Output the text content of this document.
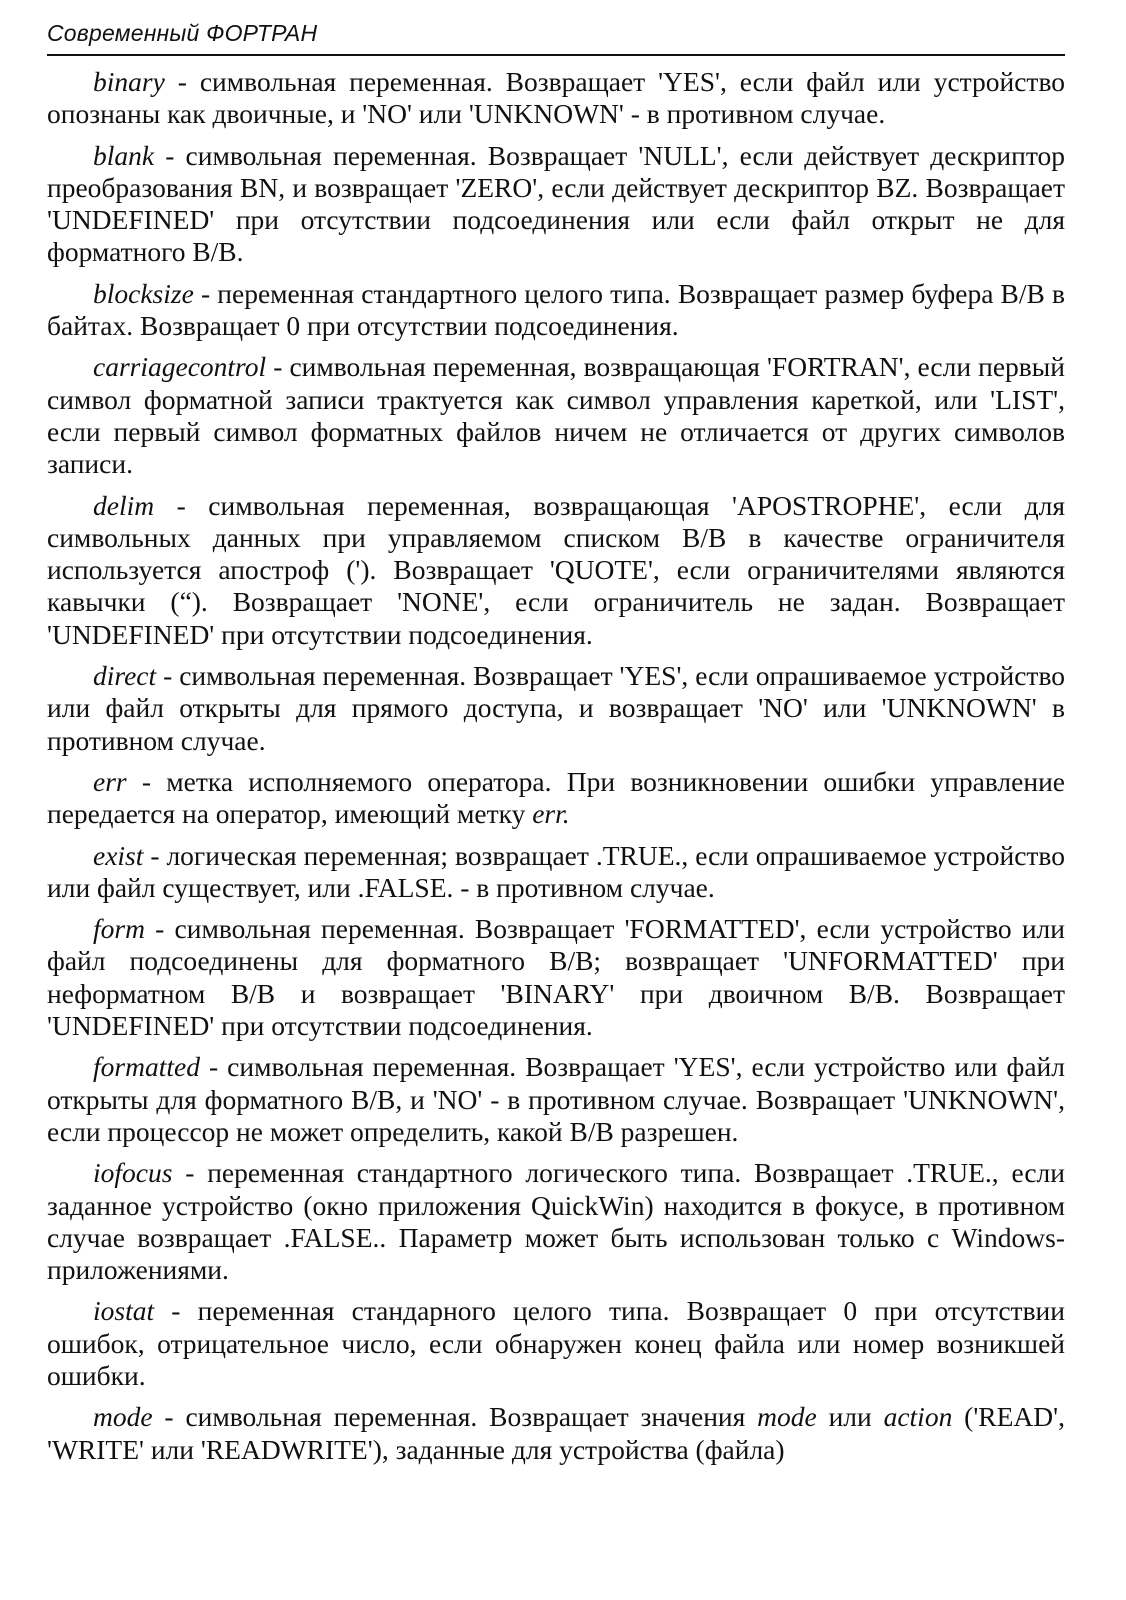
Современный ФОРТРАН

binary - символьная переменная. Возвращает 'YES', если файл или устройство опознаны как двоичные, и 'NO' или 'UNKNOWN' - в противном случае.

blank - символьная переменная. Возвращает 'NULL', если действует дескриптор преобразования BN, и возвращает 'ZERO', если действует дескриптор BZ. Возвращает 'UNDEFINED' при отсутствии подсоединения или если файл открыт не для форматного B/B.

blocksize - переменная стандартного целого типа. Возвращает размер буфера B/B в байтах. Возвращает 0 при отсутствии подсоединения.

carriagecontrol - символьная переменная, возвращающая 'FORTRAN', если первый символ форматной записи трактуется как символ управления кареткой, или 'LIST', если первый символ форматных файлов ничем не отличается от других символов записи.

delim - символьная переменная, возвращающая 'APOSTROPHE', если для символьных данных при управляемом списком B/B в качестве ограничителя используется апостроф ('). Возвращает 'QUOTE', если ограничителями являются кавычки (“). Возвращает 'NONE', если ограничитель не задан. Возвращает 'UNDEFINED' при отсутствии подсоединения.

direct - символьная переменная. Возвращает 'YES', если опрашиваемое устройство или файл открыты для прямого доступа, и возвращает 'NO' или 'UNKNOWN' в противном случае.

err - метка исполняемого оператора. При возникновении ошибки управление передается на оператор, имеющий метку err.

exist - логическая переменная; возвращает .TRUE., если опрашиваемое устройство или файл существует, или .FALSE. - в противном случае.

form - символьная переменная. Возвращает 'FORMATTED', если устройство или файл подсоединены для форматного B/B; возвращает 'UNFORMATTED' при неформатном B/B и возвращает 'BINARY' при двоичном B/B. Возвращает 'UNDEFINED' при отсутствии подсоединения.

formatted - символьная переменная. Возвращает 'YES', если устройство или файл открыты для форматного B/B, и 'NO' - в противном случае. Возвращает 'UNKNOWN', если процессор не может определить, какой B/B разрешен.

iofocus - переменная стандартного логического типа. Возвращает .TRUE., если заданное устройство (окно приложения QuickWin) находится в фокусе, в противном случае возвращает .FALSE.. Параметр может быть использован только с Windows-приложениями.

iostat - переменная стандарного целого типа. Возвращает 0 при отсутствии ошибок, отрицательное число, если обнаружен конец файла или номер возникшей ошибки.

mode - символьная переменная. Возвращает значения mode или action ('READ', 'WRITE' или 'READWRITE'), заданные для устройства (файла)
